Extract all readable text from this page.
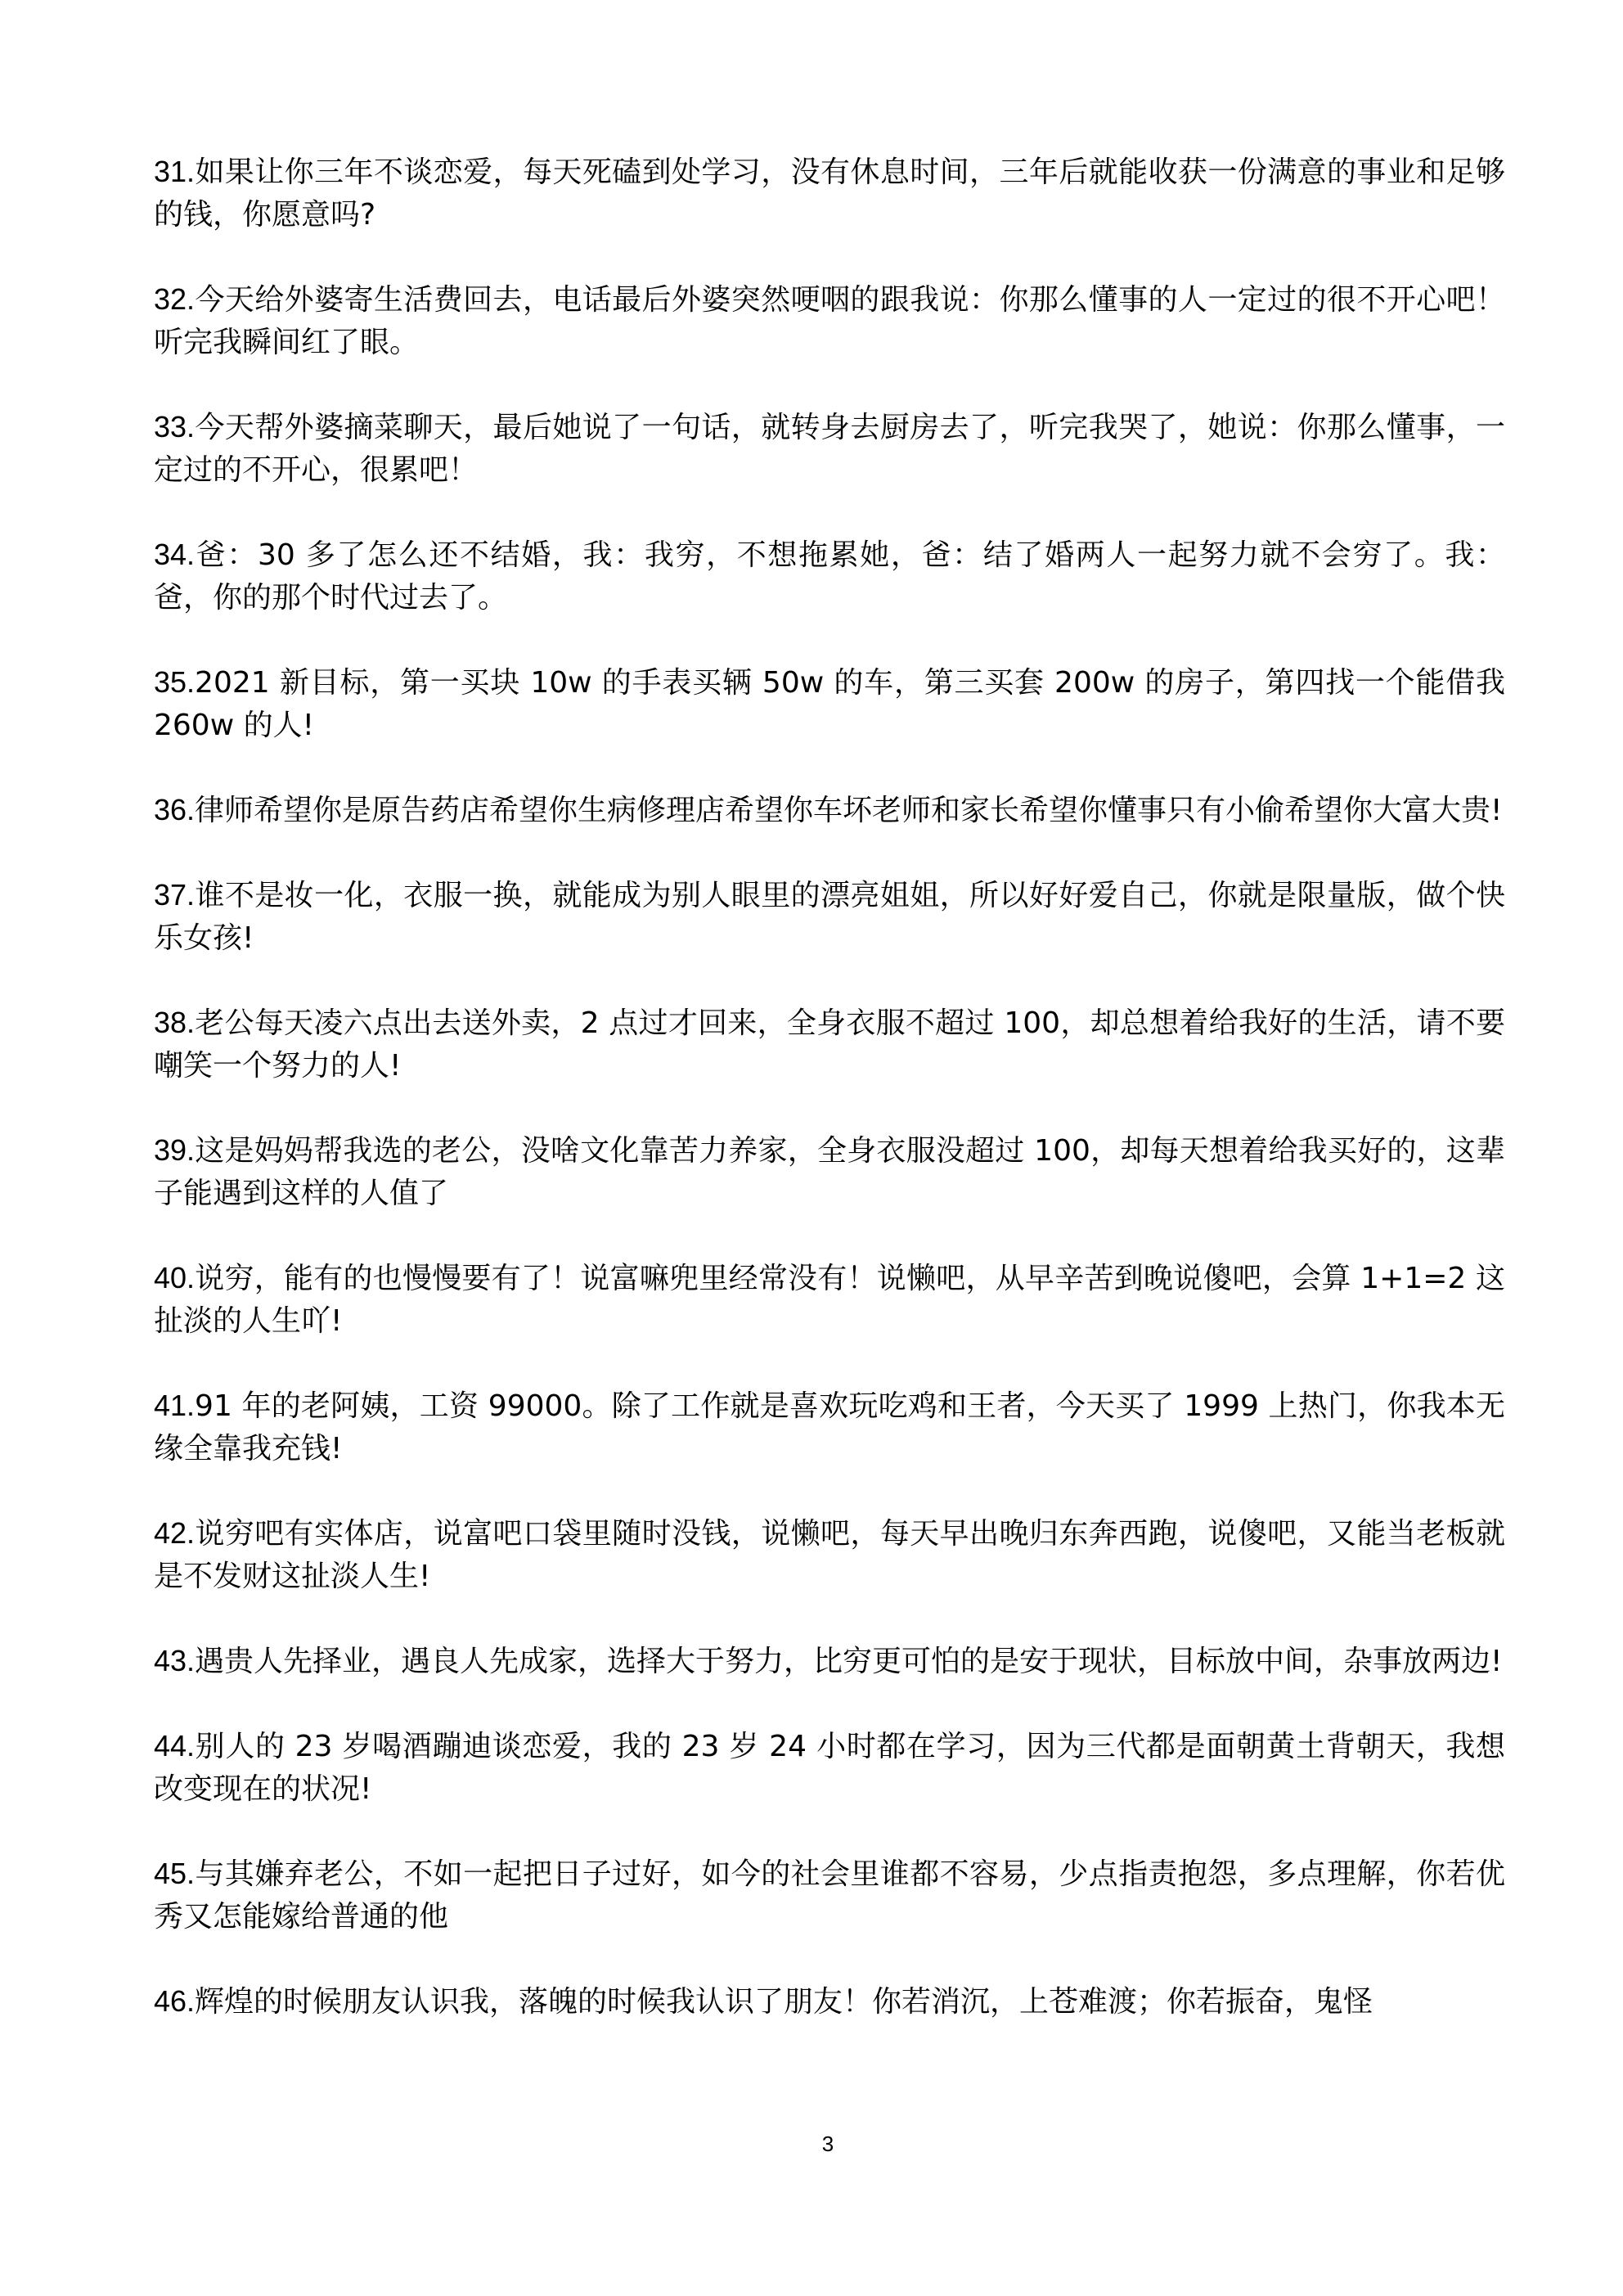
31.如果让你三年不谈恋爱，每天死磕到处学习，没有休息时间，三年后就能收获一份满意的事业和足够的钱，你愿意吗?

32.今天给外婆寄生活费回去，电话最后外婆突然哽咽的跟我说：你那么懂事的人一定过的很不开心吧！听完我瞬间红了眼。

33.今天帮外婆摘菜聊天，最后她说了一句话，就转身去厨房去了，听完我哭了，她说：你那么懂事，一定过的不开心，很累吧！

34.爸：30 多了怎么还不结婚，我：我穷，不想拖累她，爸：结了婚两人一起努力就不会穷了。我：爸，你的那个时代过去了。

35.2021 新目标，第一买块 10w 的手表买辆 50w 的车，第三买套 200w 的房子，第四找一个能借我 260w 的人!

36.律师希望你是原告药店希望你生病修理店希望你车坏老师和家长希望你懂事只有小偷希望你大富大贵!

37.谁不是妆一化，衣服一换，就能成为别人眼里的漂亮姐姐，所以好好爱自己，你就是限量版，做个快乐女孩!

38.老公每天凌六点出去送外卖，2 点过才回来，全身衣服不超过 100，却总想着给我好的生活，请不要嘲笑一个努力的人!

39.这是妈妈帮我选的老公，没啥文化靠苦力养家，全身衣服没超过 100，却每天想着给我买好的，这辈子能遇到这样的人值了

40.说穷，能有的也慢慢要有了！说富嘛兜里经常没有！说懒吧，从早辛苦到晚说傻吧，会算 1+1=2 这扯淡的人生吖!

41.91 年的老阿姨，工资 99000。除了工作就是喜欢玩吃鸡和王者，今天买了 1999 上热门，你我本无缘全靠我充钱!

42.说穷吧有实体店，说富吧口袋里随时没钱，说懒吧，每天早出晚归东奔西跑，说傻吧，又能当老板就是不发财这扯淡人生!

43.遇贵人先择业，遇良人先成家，选择大于努力，比穷更可怕的是安于现状，目标放中间，杂事放两边!

44.别人的 23 岁喝酒蹦迪谈恋爱，我的 23 岁 24 小时都在学习，因为三代都是面朝黄土背朝天，我想改变现在的状况!

45.与其嫌弃老公，不如一起把日子过好，如今的社会里谁都不容易，少点指责抱怨，多点理解，你若优秀又怎能嫁给普通的他

46.辉煌的时候朋友认识我，落魄的时候我认识了朋友！你若消沉，上苍难渡；你若振奋，鬼怪

3
